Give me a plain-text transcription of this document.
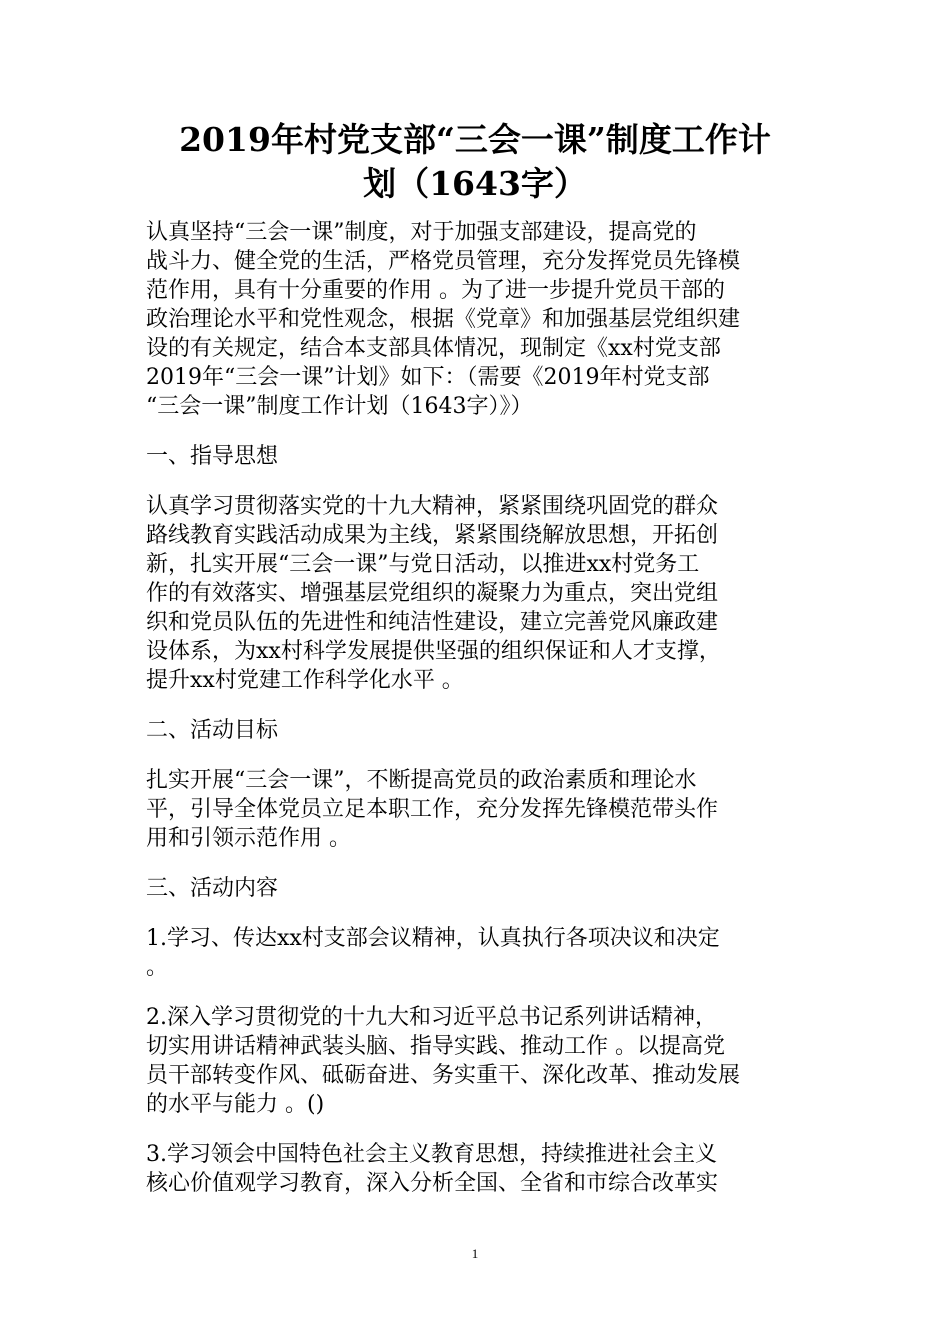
2019年村党支部“三会一课”制度工作计
划（1643字）

认真坚持“三会一课”制度，对于加强支部建设，提高党的
战斗力、健全党的生活，严格党员管理，充分发挥党员先锋模
范作用，具有十分重要的作用 。为了进一步提升党员干部的
政治理论水平和党性观念，根据《党章》和加强基层党组织建
设的有关规定，结合本支部具体情况，现制定《xx村党支部
2019年“三会一课”计划》如下：（需要《2019年村党支部
“三会一课”制度工作计划（1643字）》）

一、指导思想

认真学习贯彻落实党的十九大精神，紧紧围绕巩固党的群众
路线教育实践活动成果为主线，紧紧围绕解放思想，开拓创
新，扎实开展“三会一课”与党日活动，以推进xx村党务工
作的有效落实、增强基层党组织的凝聚力为重点，突出党组
织和党员队伍的先进性和纯洁性建设，建立完善党风廉政建
设体系，为xx村科学发展提供坚强的组织保证和人才支撑，
提升xx村党建工作科学化水平 。

二、活动目标

扎实开展“三会一课”，不断提高党员的政治素质和理论水
平，引导全体党员立足本职工作，充分发挥先锋模范带头作
用和引领示范作用 。

三、活动内容

1.学习、传达xx村支部会议精神，认真执行各项决议和决定
。

2.深入学习贯彻党的十九大和习近平总书记系列讲话精神，
切实用讲话精神武装头脑、指导实践、推动工作 。以提高党
员干部转变作风、砥砺奋进、务实重干、深化改革、推动发展
的水平与能力 。()

3.学习领会中国特色社会主义教育思想，持续推进社会主义
核心价值观学习教育，深入分析全国、全省和市综合改革实

1
